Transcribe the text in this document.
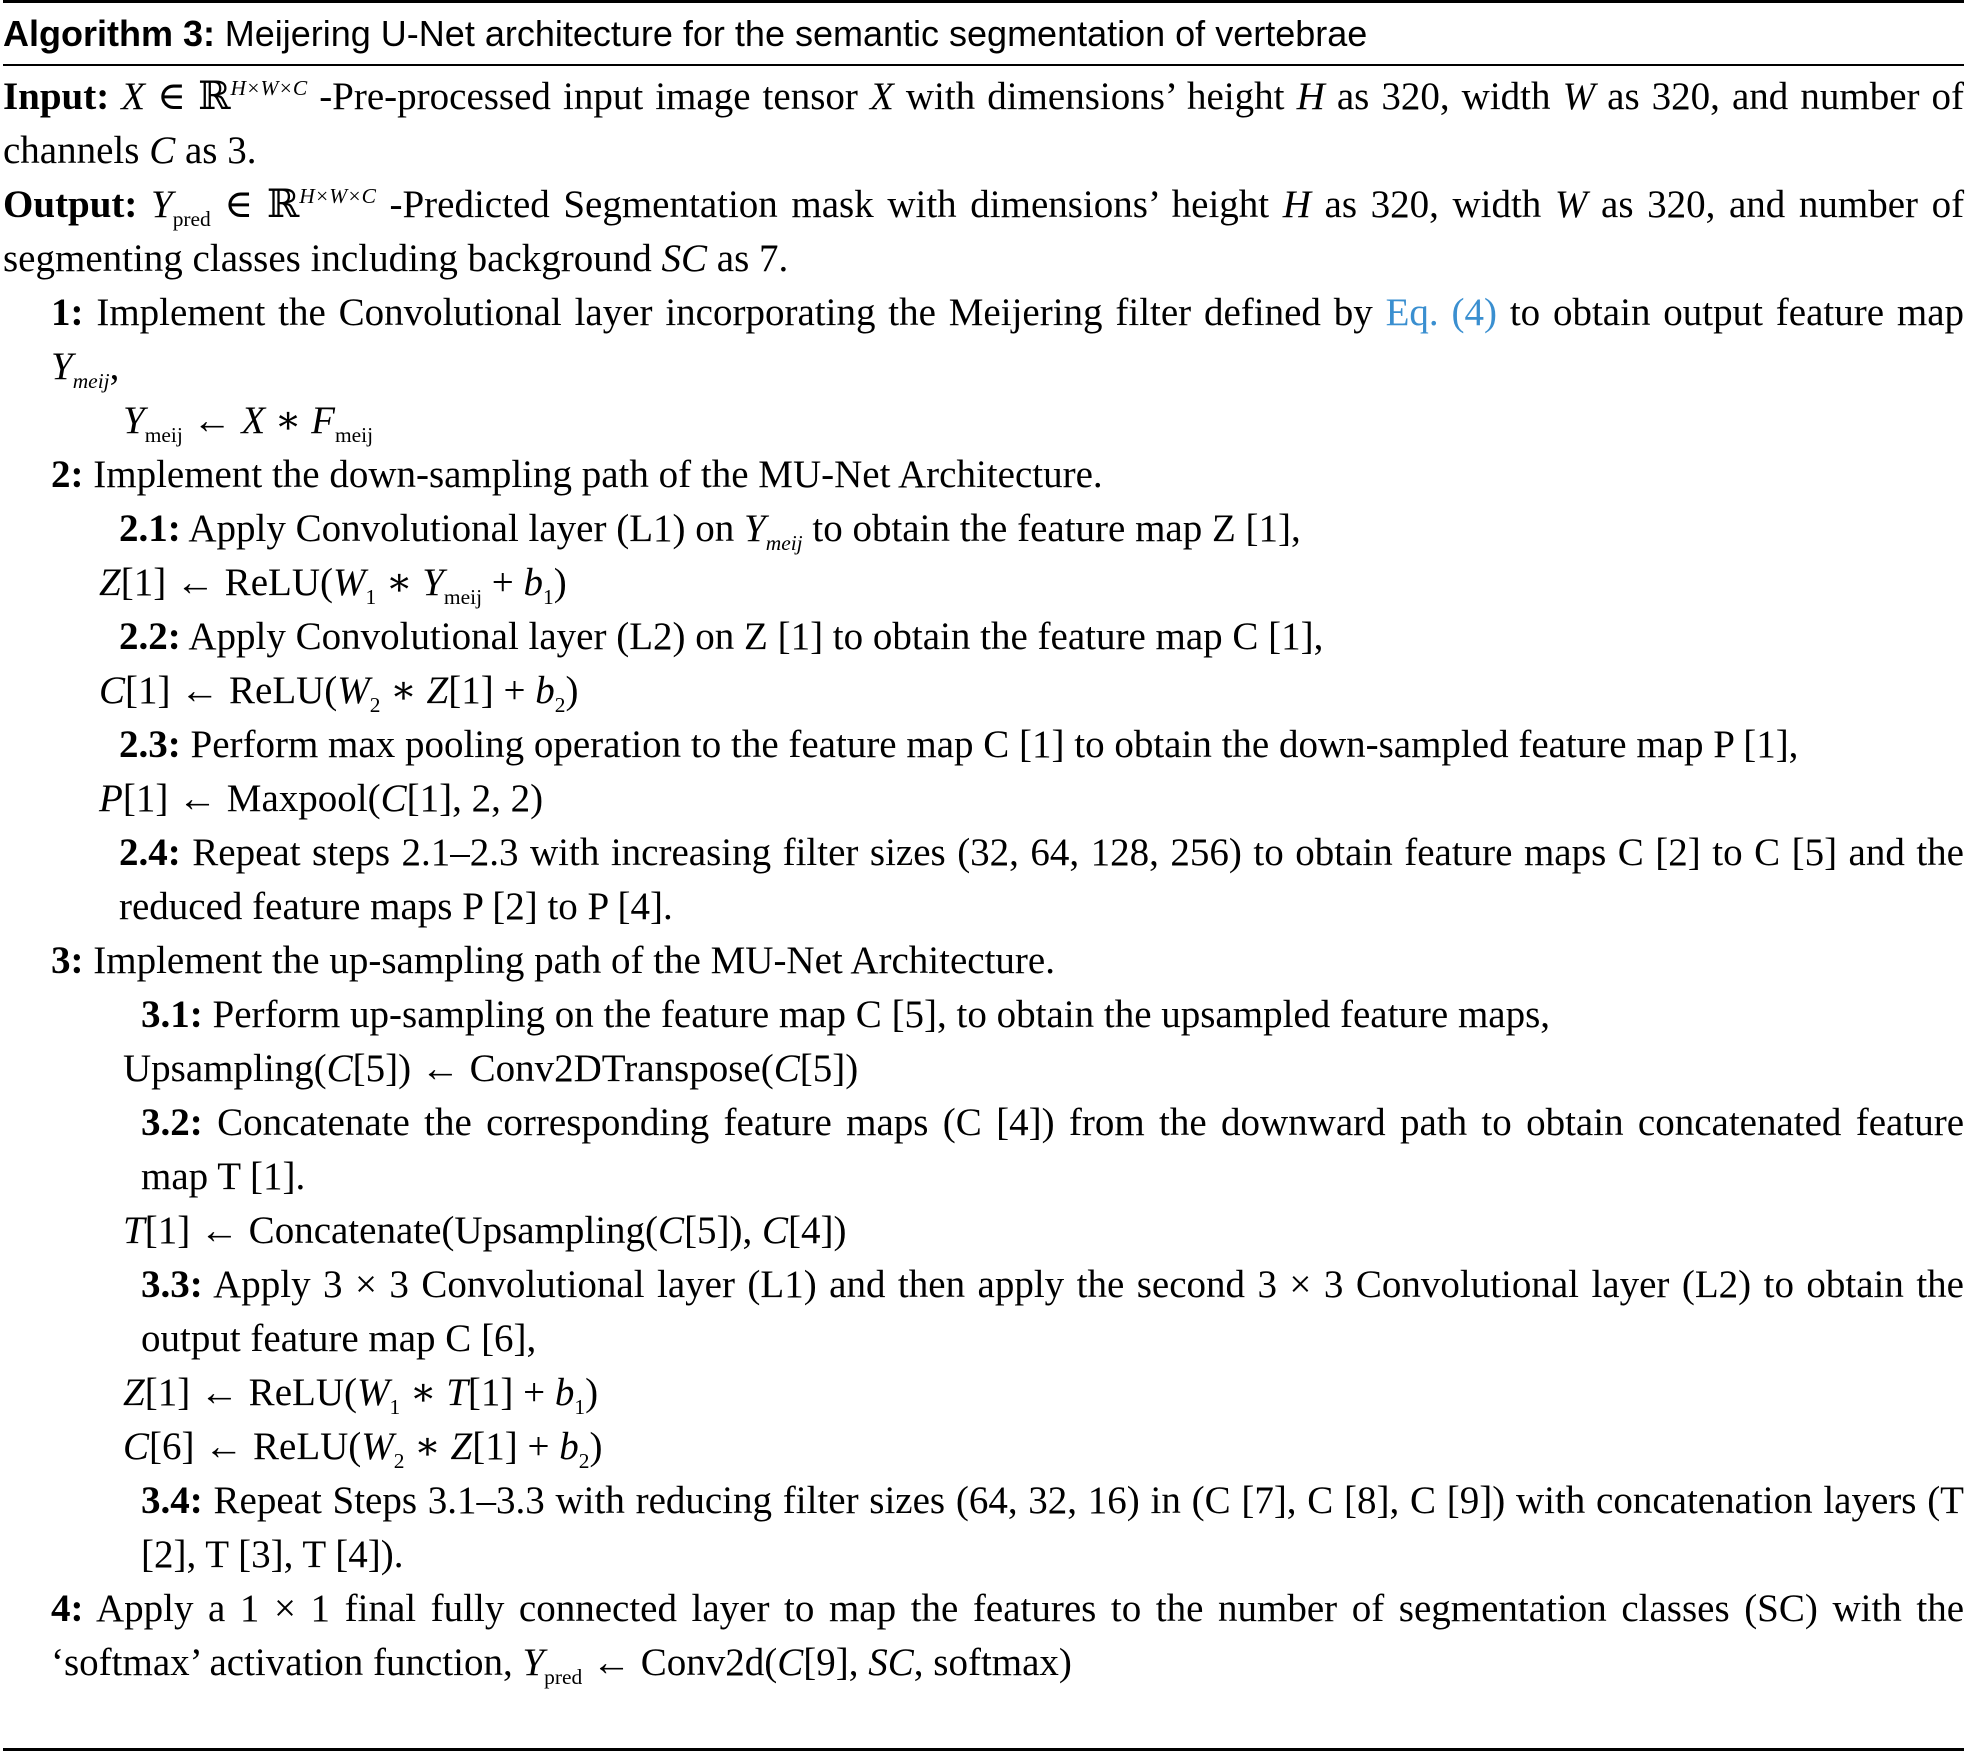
Algorithm 3: Meijering U-Net architecture for the semantic segmentation of vertebrae

Input: X ∈ ℝ$^{H\times W\times C}$ -Pre-processed input image tensor X with dimensions’ height H as 320, width W as 320, and number of channels C as 3.

Output: $Y_{pred}$ ∈ ℝ$^{H\times W\times C}$ -Predicted Segmentation mask with dimensions’ height H as 320, width W as 320, and number of segmenting classes including background SC as 7.

1: Implement the Convolutional layer incorporating the Meijering filter defined by Eq. (4) to obtain output feature map $Y_{meij}$,

$Y_{meij}$ ← X ∗ $F_{meij}$

2: Implement the down-sampling path of the MU-Net Architecture.

2.1: Apply Convolutional layer (L1) on $Y_{meij}$ to obtain the feature map Z [1],

Z[1] ← $ReLU(W_1$ ∗ $Y_{meij} + b_1$)

2.2: Apply Convolutional layer (L2) on Z [1] to obtain the feature map C [1],

C[1] ← $ReLU(W_2$ ∗ $Z[1] + b_2$)

2.3: Perform max pooling operation to the feature map C [1] to obtain the down-sampled feature map P [1],

P[1] ← Maxpool(C[1], 2, 2)

2.4: Repeat steps 2.1–2.3 with increasing filter sizes (32, 64, 128, 256) to obtain feature maps C [2] to C [5] and the reduced feature maps P [2] to P [4].

3: Implement the up-sampling path of the MU-Net Architecture.

3.1: Perform up-sampling on the feature map C [5], to obtain the upsampled feature maps,

Upsampling(C[5]) ← Conv2DTranspose(C[5])

3.2: Concatenate the corresponding feature maps (C [4]) from the downward path to obtain concatenated feature map T [1].

T[1] ← Concatenate(Upsampling(C[5]), C[4])

3.3: Apply 3 × 3 Convolutional layer (L1) and then apply the second 3 × 3 Convolutional layer (L2) to obtain the output feature map C [6],

Z[1] ← $ReLU(W_1$ ∗ $T[1] + b_1$)

C[6] ← $ReLU(W_2$ ∗ $Z[1] + b_2$)

3.4: Repeat Steps 3.1–3.3 with reducing filter sizes (64, 32, 16) in (C [7], C [8], C [9]) with concatenation layers (T [2], T [3], T [4]).

4: Apply a 1 × 1 final fully connected layer to map the features to the number of segmentation classes (SC) with the ‘softmax’ activation function, $Y_{pred}$ ← Conv2d(C[9], SC, softmax)
